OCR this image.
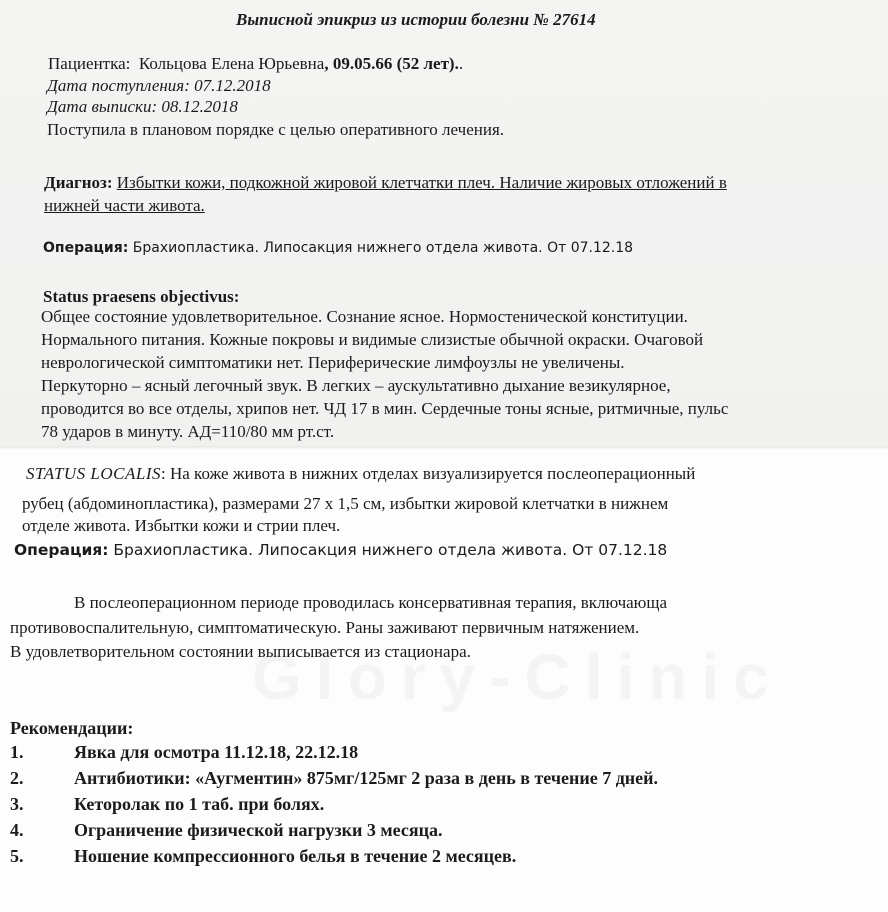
Выписной эпикриз из истории болезни № 27614
Пациентка: Кольцова Елена Юрьевна, 09.05.66 (52 лет)..
Дата поступления: 07.12.2018
Дата выписки: 08.12.2018
Поступила в плановом порядке с целью оперативного лечения.
Диагноз: Избытки кожи, подкожной жировой клетчатки плеч. Наличие жировых отложений в
нижней части живота.
Операция: Брахиопластика. Липосакция нижнего отдела живота. От 07.12.18
Status praesens objectivus:
Общее состояние удовлетворительное. Сознание ясное. Нормостенической конституции.
Нормального питания. Кожные покровы и видимые слизистые обычной окраски. Очаговой
неврологической симптоматики нет. Периферические лимфоузлы не увеличены.
Перкуторно – ясный легочный звук. В легких – аускультативно дыхание везикулярное,
проводится во все отделы, хрипов нет. ЧД 17 в мин. Сердечные тоны ясные, ритмичные, пульс
78 ударов в минуту. АД=110/80 мм рт.ст.
STATUS LOCALIS: На коже живота в нижних отделах визуализируется послеоперационный
рубец (абдоминопластика), размерами 27 х 1,5 см, избытки жировой клетчатки в нижнем
отделе живота. Избытки кожи и стрии плеч.
Операция: Брахиопластика. Липосакция нижнего отдела живота. От 07.12.18
В послеоперационном периоде проводилась консервативная терапия, включающа
противовоспалительную, симптоматическую. Раны заживают первичным натяжением.
В удовлетворительном состоянии выписывается из стационара.
Рекомендации:
1.	Явка для осмотра 11.12.18, 22.12.18
2.	Антибиотики: «Аугментин» 875мг/125мг 2 раза в день в течение 7 дней.
3.	Кеторолак по 1 таб. при болях.
4.	Ограничение физической нагрузки 3 месяца.
5.	Ношение компрессионного белья в течение 2 месяцев.
